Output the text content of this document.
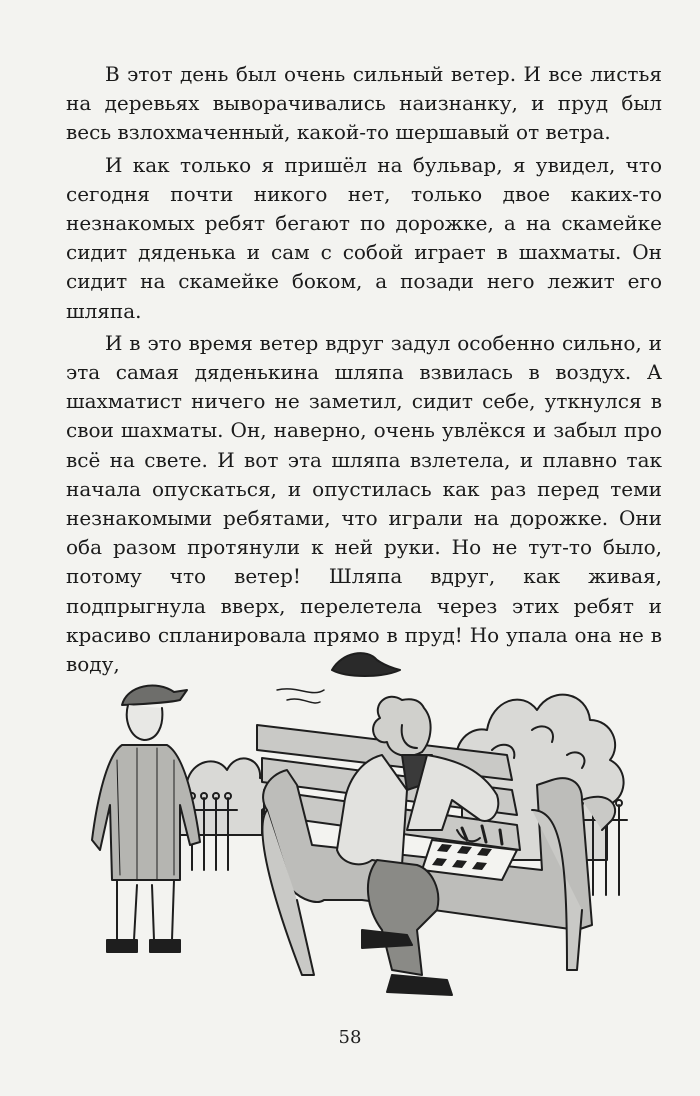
В этот день был очень сильный ветер. И все листья на деревьях выворачивались наизнанку, и пруд был весь взлохмаченный, какой-то шершавый от ветра.

И как только я пришёл на бульвар, я увидел, что сегодня почти никого нет, только двое каких-то незнакомых ребят бегают по дорожке, а на скамейке сидит дяденька и сам с собой играет в шахматы. Он сидит на скамейке боком, а позади него лежит его шляпа.

И в это время ветер вдруг задул особенно сильно, и эта самая дяденькина шляпа взвилась в воздух. А шахматист ничего не заметил, сидит себе, уткнулся в свои шахматы. Он, наверно, очень увлёкся и забыл про всё на свете. И вот эта шляпа взлетела, и плавно так начала опускаться, и опустилась как раз перед теми незнакомыми ребятами, что играли на дорожке. Они оба разом протянули к ней руки. Но не тут-то было, потому что ветер! Шляпа вдруг, как живая, подпрыгнула вверх, перелетела через этих ребят и красиво спланировала прямо в пруд! Но упала она не в воду,

58
